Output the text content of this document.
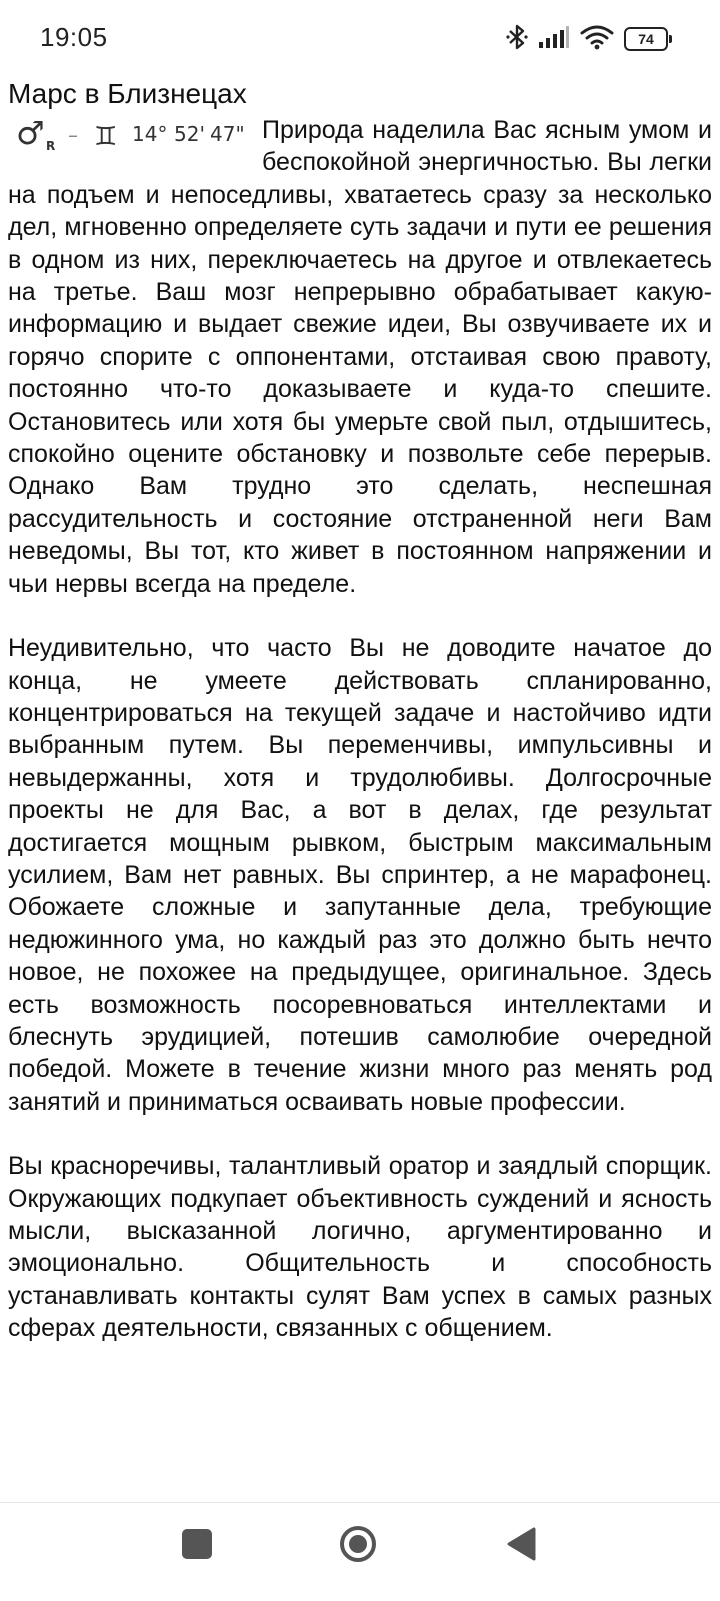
19:05	74
Марс в Близнецах

♂ R – ♊ 14° 52' 47" Природа наделила Вас ясным умом и беспокойной энергичностью. Вы легки на подъем и непоседливы, хватаетесь сразу за несколько дел, мгновенно определяете суть задачи и пути ее решения в одном из них, переключаетесь на другое и отвлекаетесь на третье. Ваш мозг непрерывно обрабатывает какую-информацию и выдает свежие идеи, Вы озвучиваете их и горячо спорите с оппонентами, отстаивая свою правоту, постоянно что-то доказываете и куда-то спешите. Остановитесь или хотя бы умерьте свой пыл, отдышитесь, спокойно оцените обстановку и позвольте себе перерыв. Однако Вам трудно это сделать, неспешная рассудительность и состояние отстраненной неги Вам неведомы, Вы тот, кто живет в постоянном напряжении и чьи нервы всегда на пределе.

Неудивительно, что часто Вы не доводите начатое до конца, не умеете действовать спланированно, концентрироваться на текущей задаче и настойчиво идти выбранным путем. Вы переменчивы, импульсивны и невыдержанны, хотя и трудолюбивы. Долгосрочные проекты не для Вас, а вот в делах, где результат достигается мощным рывком, быстрым максимальным усилием, Вам нет равных. Вы спринтер, а не марафонец. Обожаете сложные и запутанные дела, требующие недюжинного ума, но каждый раз это должно быть нечто новое, не похожее на предыдущее, оригинальное. Здесь есть возможность посоревноваться интеллектами и блеснуть эрудицией, потешив самолюбие очередной победой. Можете в течение жизни много раз менять род занятий и приниматься осваивать новые профессии.

Вы красноречивы, талантливый оратор и заядлый спорщик. Окружающих подкупает объективность суждений и ясность мысли, высказанной логично, аргументированно и эмоционально. Общительность и способность устанавливать контакты сулят Вам успех в самых разных сферах деятельности, связанных с общением.
